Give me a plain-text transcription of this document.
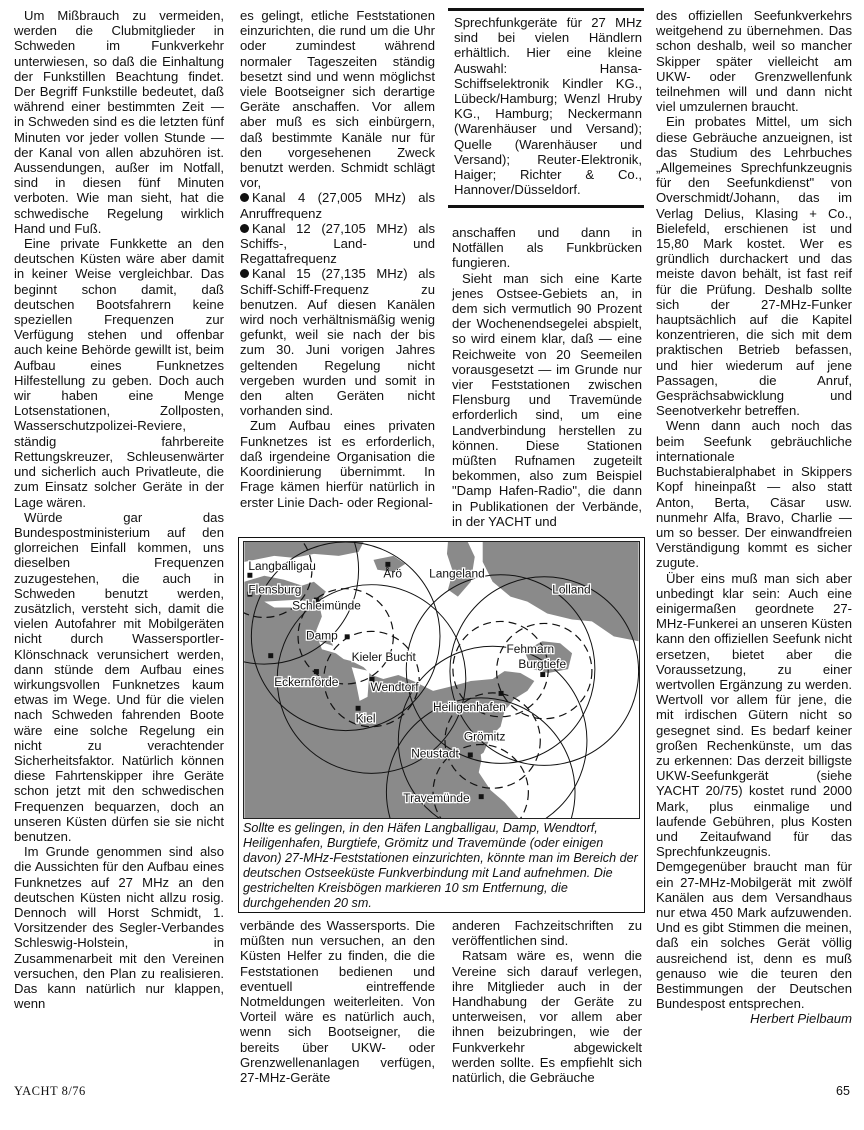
Um Mißbrauch zu vermeiden, werden die Clubmitglieder in Schweden im Funkverkehr unterwiesen, so daß die Einhaltung der Funkstillen Beachtung findet. Der Begriff Funkstille bedeutet, daß während einer bestimmten Zeit — in Schweden sind es die letzten fünf Minuten vor jeder vollen Stunde — der Kanal von allen abzuhören ist. Aussendungen, außer im Notfall, sind in diesen fünf Minuten verboten. Wie man sieht, hat die schwedische Regelung wirklich Hand und Fuß.

Eine private Funkkette an den deutschen Küsten wäre aber damit in keiner Weise vergleichbar. Das beginnt schon damit, daß deutschen Bootsfahrern keine speziellen Frequenzen zur Verfügung stehen und offenbar auch keine Behörde gewillt ist, beim Aufbau eines Funknetzes Hilfestellung zu geben. Doch auch wir haben eine Menge Lotsenstationen, Zollposten, Wasserschutzpolizei-Reviere, ständig fahrbereite Rettungskreuzer, Schleusenwärter und sicherlich auch Privatleute, die zum Einsatz solcher Geräte in der Lage wären.

Würde gar das Bundespostministerium auf den glorreichen Einfall kommen, uns dieselben Frequenzen zuzugestehen, die auch in Schweden benutzt werden, zusätzlich, versteht sich, damit die vielen Autofahrer mit Mobilgeräten nicht durch Wassersportler-Klönschnack verunsichert werden, dann stünde dem Aufbau eines wirkungsvollen Funknetzes kaum etwas im Wege. Und für die vielen nach Schweden fahrenden Boote wäre eine solche Regelung ein nicht zu verachtender Sicherheitsfaktor. Natürlich können diese Fahrtenskipper ihre Geräte schon jetzt mit den schwedischen Frequenzen bequarzen, doch an unseren Küsten dürfen sie sie nicht benutzen.

Im Grunde genommen sind also die Aussichten für den Aufbau eines Funknetzes auf 27 MHz an den deutschen Küsten nicht allzu rosig. Dennoch will Horst Schmidt, 1. Vorsitzender des Segler-Verbandes Schleswig-Holstein, in Zusammenarbeit mit den Vereinen versuchen, den Plan zu realisieren. Das kann natürlich nur klappen, wenn

es gelingt, etliche Feststationen einzurichten, die rund um die Uhr oder zumindest während normaler Tageszeiten ständig besetzt sind und wenn möglichst viele Bootseigner sich derartige Geräte anschaffen. Vor allem aber muß es sich einbürgern, daß bestimmte Kanäle nur für den vorgesehenen Zweck benutzt werden. Schmidt schlägt vor,

Kanal 4 (27,005 MHz) als Anruffrequenz

Kanal 12 (27,105 MHz) als Schiffs-, Land- und Regattafrequenz

Kanal 15 (27,135 MHz) als Schiff-Schiff-Frequenz zu benutzen. Auf diesen Kanälen wird noch verhältnismäßig wenig gefunkt, weil sie nach der bis zum 30. Juni vorigen Jahres geltenden Regelung nicht vergeben wurden und somit in den alten Geräten nicht vorhanden sind.

Zum Aufbau eines privaten Funknetzes ist es erforderlich, daß irgendeine Organisation die Koordinierung übernimmt. In Frage kämen hierfür natürlich in erster Linie Dach- oder Regional-

Sprechfunkgeräte für 27 MHz sind bei vielen Händlern erhältlich. Hier eine kleine Auswahl: Hansa-Schiffselektronik Kindler KG., Lübeck/Hamburg; Wenzl Hruby KG., Hamburg; Neckermann (Warenhäuser und Versand); Quelle (Warenhäuser und Versand); Reuter-Elektronik, Haiger; Richter & Co., Hannover/Düsseldorf.

anschaffen und dann in Notfällen als Funkbrücken fungieren.

Sieht man sich eine Karte jenes Ostsee-Gebiets an, in dem sich vermutlich 90 Prozent der Wochenendsegelei abspielt, so wird einem klar, daß — eine Reichweite von 20 Seemeilen vorausgesetzt — im Grunde nur vier Feststationen zwischen Flensburg und Travemünde erforderlich sind, um eine Landverbindung herstellen zu können. Diese Stationen müßten Rufnamen zugeteilt bekommen, also zum Beispiel "Damp Hafen-Radio", die dann in Publikationen der Verbände, in der YACHT und

Langballigau
Årö Langeland
Flensburg	Lolland
Schleimünde
Damp
Fehmarn
Kieler Bucht	Burgtiefe
Eckernförde	Wendtorf
Heiligenhafen
Kiel
Grömitz
Neustadt
Travemünde
Sollte es gelingen, in den Häfen Langballigau, Damp, Wendtorf, Heiligenhafen, Burgtiefe, Grömitz und Travemünde (oder einigen davon) 27-MHz-Feststationen einzurichten, könnte man im Bereich der deutschen Ostseeküste Funkverbindung mit Land aufnehmen. Die gestrichelten Kreisbögen markieren 10 sm Entfernung, die durchgehenden 20 sm.

verbände des Wassersports. Die müßten nun versuchen, an den Küsten Helfer zu finden, die die Feststationen bedienen und eventuell eintreffende Notmeldungen weiterleiten. Von Vorteil wäre es natürlich auch, wenn sich Bootseigner, die bereits über UKW- oder Grenzwellenanlagen verfügen, 27-MHz-Geräte

anderen Fachzeitschriften zu veröffentlichen sind.

Ratsam wäre es, wenn die Vereine sich darauf verlegen, ihre Mitglieder auch in der Handhabung der Geräte zu unterweisen, vor allem aber ihnen beizubringen, wie der Funkverkehr abgewickelt werden sollte. Es empfiehlt sich natürlich, die Gebräuche

des offiziellen Seefunkverkehrs weitgehend zu übernehmen. Das schon deshalb, weil so mancher Skipper später vielleicht am UKW- oder Grenzwellenfunk teilnehmen will und dann nicht viel umzulernen braucht.

Ein probates Mittel, um sich diese Gebräuche anzueignen, ist das Studium des Lehrbuches „Allgemeines Sprechfunkzeugnis für den Seefunkdienst" von Overschmidt/Johann, das im Verlag Delius, Klasing + Co., Bielefeld, erschienen ist und 15,80 Mark kostet. Wer es gründlich durchackert und das meiste davon behält, ist fast reif für die Prüfung. Deshalb sollte sich der 27-MHz-Funker hauptsächlich auf die Kapitel konzentrieren, die sich mit dem praktischen Betrieb befassen, und hier wiederum auf jene Passagen, die Anruf, Gesprächsabwicklung und Seenotverkehr betreffen.

Wenn dann auch noch das beim Seefunk gebräuchliche internationale Buchstabieralphabet in Skippers Kopf hineinpaßt — also statt Anton, Berta, Cäsar usw. nunmehr Alfa, Bravo, Charlie — um so besser. Der einwandfreien Verständigung kommt es sicher zugute.

Über eins muß man sich aber unbedingt klar sein: Auch eine einigermaßen geordnete 27-MHz-Funkerei an unseren Küsten kann den offiziellen Seefunk nicht ersetzen, bietet aber die Voraussetzung, zu einer wertvollen Ergänzung zu werden. Wertvoll vor allem für jene, die mit irdischen Gütern nicht so gesegnet sind. Es bedarf keiner großen Rechenkünste, um das zu erkennen: Das derzeit billigste UKW-Seefunkgerät (siehe YACHT 20/75) kostet rund 2000 Mark, plus einmalige und laufende Gebühren, plus Kosten und Zeitaufwand für das Sprechfunkzeugnis. Demgegenüber braucht man für ein 27-MHz-Mobilgerät mit zwölf Kanälen aus dem Versandhaus nur etwa 450 Mark aufzuwenden. Und es gibt Stimmen die meinen, daß ein solches Gerät völlig ausreichend ist, denn es muß genauso wie die teuren den Bestimmungen der Deutschen Bundespost entsprechen.

Herbert Pielbaum
YACHT 8/76	65
